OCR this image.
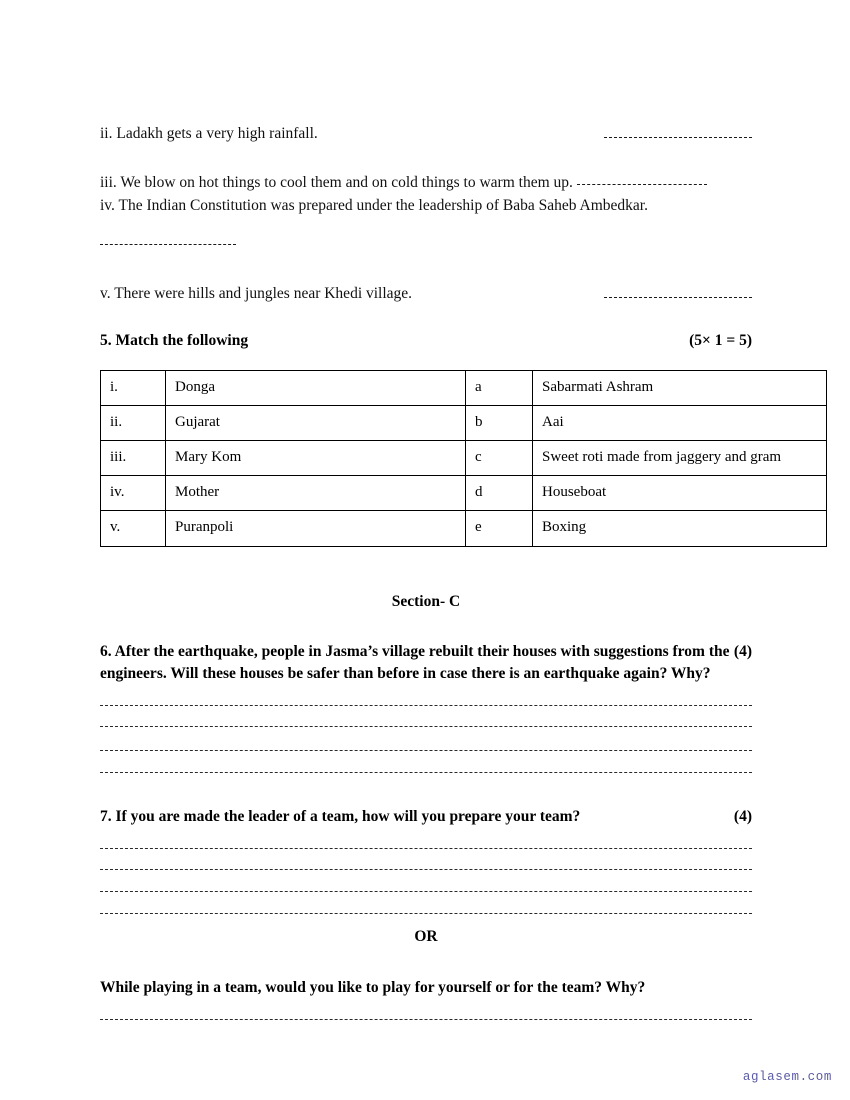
ii. Ladakh gets a very high rainfall.
iii. We blow on hot things to cool them and on cold things to warm them up.
iv. The Indian Constitution was prepared under the leadership of Baba Saheb Ambedkar.
v. There were hills and jungles near Khedi village.
5. Match the following	(5× 1 = 5)
i.	Donga	a	Sabarmati Ashram
ii.	Gujarat	b	Aai
iii.	Mary Kom	c	Sweet roti made from jaggery and gram
iv.	Mother	d	Houseboat
v.	Puranpoli	e	Boxing
Section- C
(4)
6. After the earthquake, people in Jasma’s village rebuilt their houses with suggestions from the engineers. Will these houses be safer than before in case there is an earthquake again? Why?
(4)
7. If you are made the leader of a team, how will you prepare your team?
OR
While playing in a team, would you like to play for yourself or for the team? Why?
aglasem.com
